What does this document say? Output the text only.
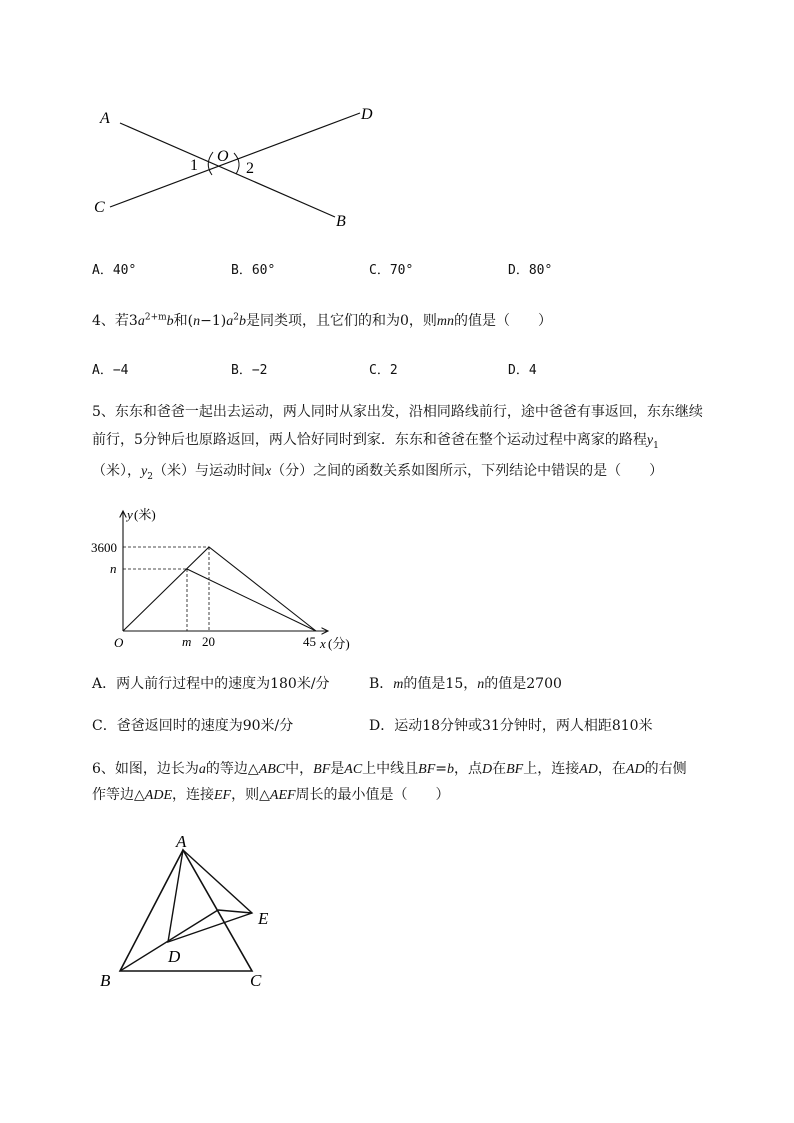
A	D
O
1	2
C
B
A．40°	B．60°	C．70°	D．80°
4、若$3a^{2+m}b$和$(n-1)a^2b$是同类项，且它们的和为0，则mn的值是（　　）
A．−4	B．−2	C．2	D．4
5、东东和爸爸一起出去运动，两人同时从家出发，沿相同路线前行，途中爸爸有事返回，东东继续
前行，5分钟后也原路返回，两人恰好同时到家．东东和爸爸在整个运动过程中离家的路程$y_1$
（米），$y_2$（米）与运动时间x（分）之间的函数关系如图所示，下列结论中错误的是（　　）
y (米)
3600
n
m 20	45 x (分)
O
A．两人前行过程中的速度为180米/分	B．m的值是15，n的值是2700
C．爸爸返回时的速度为90米/分	D．运动18分钟或31分钟时，两人相距810米
6、如图，边长为a的等边△ABC中，BF是AC上中线且BF=b，点D在BF上，连接AD，在AD的右侧
作等边△ADE，连接EF，则△AEF周长的最小值是（　　）
A
B	C
D
E
